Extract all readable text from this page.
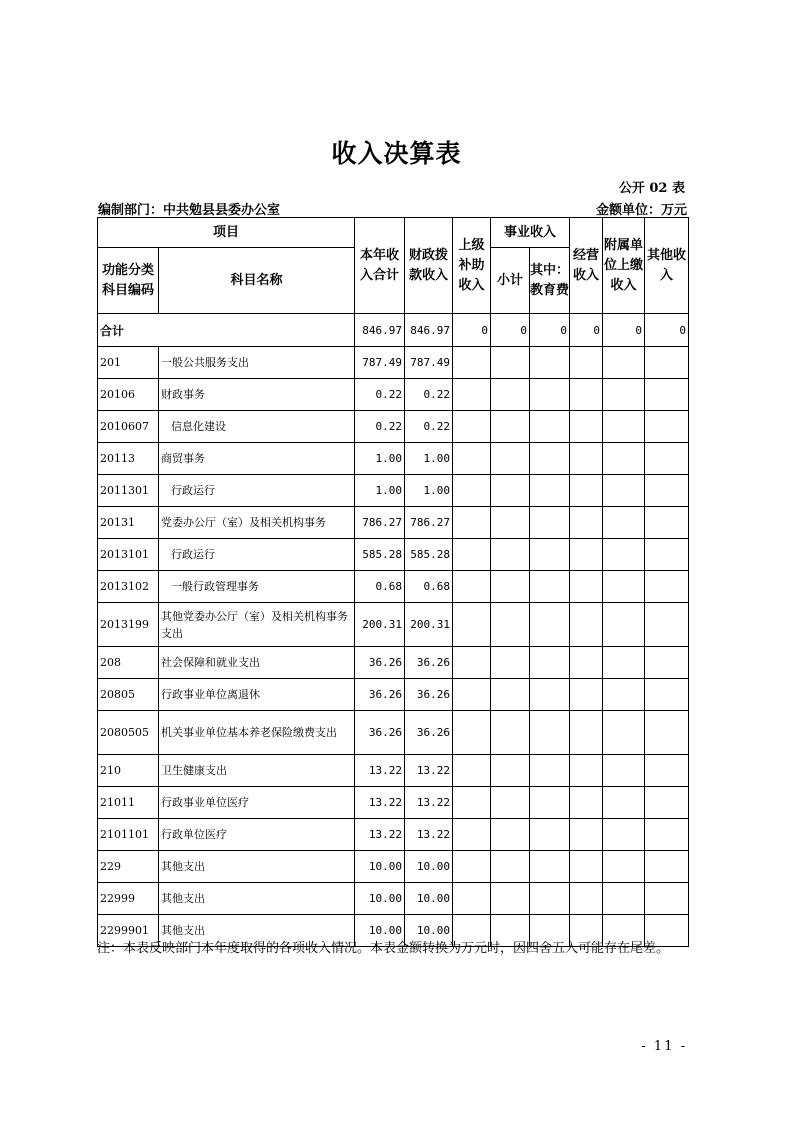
收入决算表
公开 02 表
编制部门：中共勉县县委办公室	金额单位：万元
项目		本年收入合计	财政拨款收入	上级补助收入	事业收入		经营收入	附属单位上缴收入	其他收入
功能分类科目编码	科目名称				小计	其中：教育费			
合计		846.97	846.97	0	0	0	0	0	0
201	一般公共服务支出	787.49	787.49						
20106	财政事务	0.22	0.22						
2010607	信息化建设	0.22	0.22						
20113	商贸事务	1.00	1.00						
2011301	行政运行	1.00	1.00						
20131	党委办公厅（室）及相关机构事务	786.27	786.27						
2013101	行政运行	585.28	585.28						
2013102	一般行政管理事务	0.68	0.68						
2013199	其他党委办公厅（室）及相关机构事务支出	200.31	200.31						
208	社会保障和就业支出	36.26	36.26						
20805	行政事业单位离退休	36.26	36.26						
2080505	机关事业单位基本养老保险缴费支出	36.26	36.26						
210	卫生健康支出	13.22	13.22						
21011	行政事业单位医疗	13.22	13.22						
2101101	行政单位医疗	13.22	13.22						
229	其他支出	10.00	10.00						
22999	其他支出	10.00	10.00						
2299901	其他支出	10.00	10.00						
注：本表反映部门本年度取得的各项收入情况。本表金额转换为万元时，因四舍五入可能存在尾差。
- 11 -
